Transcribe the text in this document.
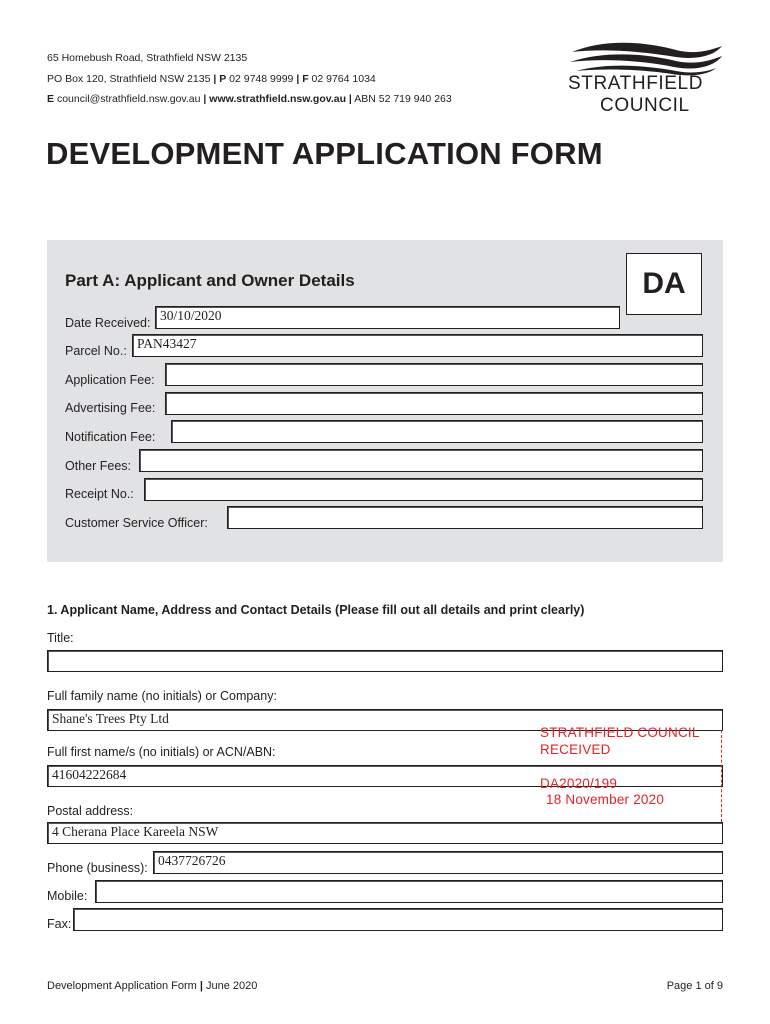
65 Homebush Road, Strathfield NSW 2135
PO Box 120, Strathfield NSW 2135 | P 02 9748 9999 | F 02 9764 1034
E council@strathfield.nsw.gov.au | www.strathfield.nsw.gov.au | ABN 52 719 940 263
STRATHFIELD
COUNCIL
DEVELOPMENT APPLICATION FORM
Part A: Applicant and Owner Details	DA
Date Received: 30/10/2020
Parcel No.: PAN43427
Application Fee:
Advertising Fee:
Notification Fee:
Other Fees:
Receipt No.:
Customer Service Officer:
1. Applicant Name, Address and Contact Details (Please fill out all details and print clearly)
Title:
Full family name (no initials) or Company:
Shane's Trees Pty Ltd
Full first name/s (no initials) or ACN/ABN:
41604222684
Postal address:
4 Cherana Place Kareela NSW
Phone (business): 0437726726
Mobile:
Fax:
STRATHFIELD COUNCIL
RECEIVED
DA2020/199
18 November 2020
Development Application Form | June 2020	Page 1 of 9
